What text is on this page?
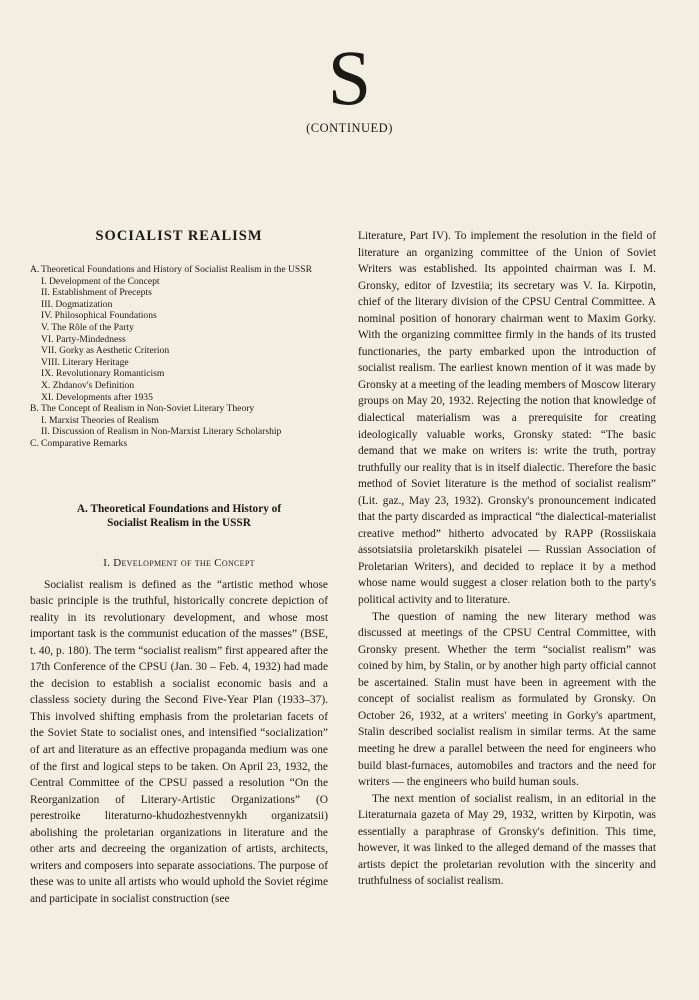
S
(CONTINUED)
SOCIALIST REALISM
A. Theoretical Foundations and History of Socialist Realism in the USSR
I. Development of the Concept
II. Establishment of Precepts
III. Dogmatization
IV. Philosophical Foundations
V. The Rôle of the Party
VI. Party-Mindedness
VII. Gorky as Aesthetic Criterion
VIII. Literary Heritage
IX. Revolutionary Romanticism
X. Zhdanov's Definition
XI. Developments after 1935
B. The Concept of Realism in Non-Soviet Literary Theory
I. Marxist Theories of Realism
II. Discussion of Realism in Non-Marxist Literary Scholarship
C. Comparative Remarks
A. Theoretical Foundations and History of
Socialist Realism in the USSR
I. Development of the Concept

Socialist realism is defined as the “artistic method whose basic principle is the truthful, historically concrete depiction of reality in its revolutionary development, and whose most important task is the communist education of the masses” (BSE, t. 40, p. 180). The term “socialist realism” first appeared after the 17th Conference of the CPSU (Jan. 30 – Feb. 4, 1932) had made the decision to establish a socialist economic basis and a classless society during the Second Five-Year Plan (1933–37). This involved shifting emphasis from the proletarian facets of the Soviet State to socialist ones, and intensified “socialization” of art and literature as an effective propaganda medium was one of the first and logical steps to be taken. On April 23, 1932, the Central Committee of the CPSU passed a resolution “On the Reorganization of Literary-Artistic Organizations” (O perestroike literaturno-khudozhestvennykh organizatsii) abolishing the proletarian organizations in literature and the other arts and decreeing the organization of artists, architects, writers and composers into separate associations. The purpose of these was to unite all artists who would uphold the Soviet régime and participate in socialist construction (see

Literature, Part IV). To implement the resolution in the field of literature an organizing committee of the Union of Soviet Writers was established. Its appointed chairman was I. M. Gronsky, editor of Izvestiia; its secretary was V. Ia. Kirpotin, chief of the literary division of the CPSU Central Committee. A nominal position of honorary chairman went to Maxim Gorky. With the organizing committee firmly in the hands of its trusted functionaries, the party embarked upon the introduction of socialist realism. The earliest known mention of it was made by Gronsky at a meeting of the leading members of Moscow literary groups on May 20, 1932. Rejecting the notion that knowledge of dialectical materialism was a prerequisite for creating ideologically valuable works, Gronsky stated: “The basic demand that we make on writers is: write the truth, portray truthfully our reality that is in itself dialectic. Therefore the basic method of Soviet literature is the method of socialist realism” (Lit. gaz., May 23, 1932). Gronsky's pronouncement indicated that the party discarded as impractical “the dialectical-materialist creative method” hitherto advocated by RAPP (Rossiiskaia assotsiatsiia proletarskikh pisatelei — Russian Association of Proletarian Writers), and decided to replace it by a method whose name would suggest a closer relation both to the party's political activity and to literature.

The question of naming the new literary method was discussed at meetings of the CPSU Central Committee, with Gronsky present. Whether the term “socialist realism” was coined by him, by Stalin, or by another high party official cannot be ascertained. Stalin must have been in agreement with the concept of socialist realism as formulated by Gronsky. On October 26, 1932, at a writers' meeting in Gorky's apartment, Stalin described socialist realism in similar terms. At the same meeting he drew a parallel between the need for engineers who build blast-furnaces, automobiles and tractors and the need for writers — the engineers who build human souls.

The next mention of socialist realism, in an editorial in the Literaturnaia gazeta of May 29, 1932, written by Kirpotin, was essentially a paraphrase of Gronsky's definition. This time, however, it was linked to the alleged demand of the masses that artists depict the proletarian revolution with the sincerity and truthfulness of socialist realism.
